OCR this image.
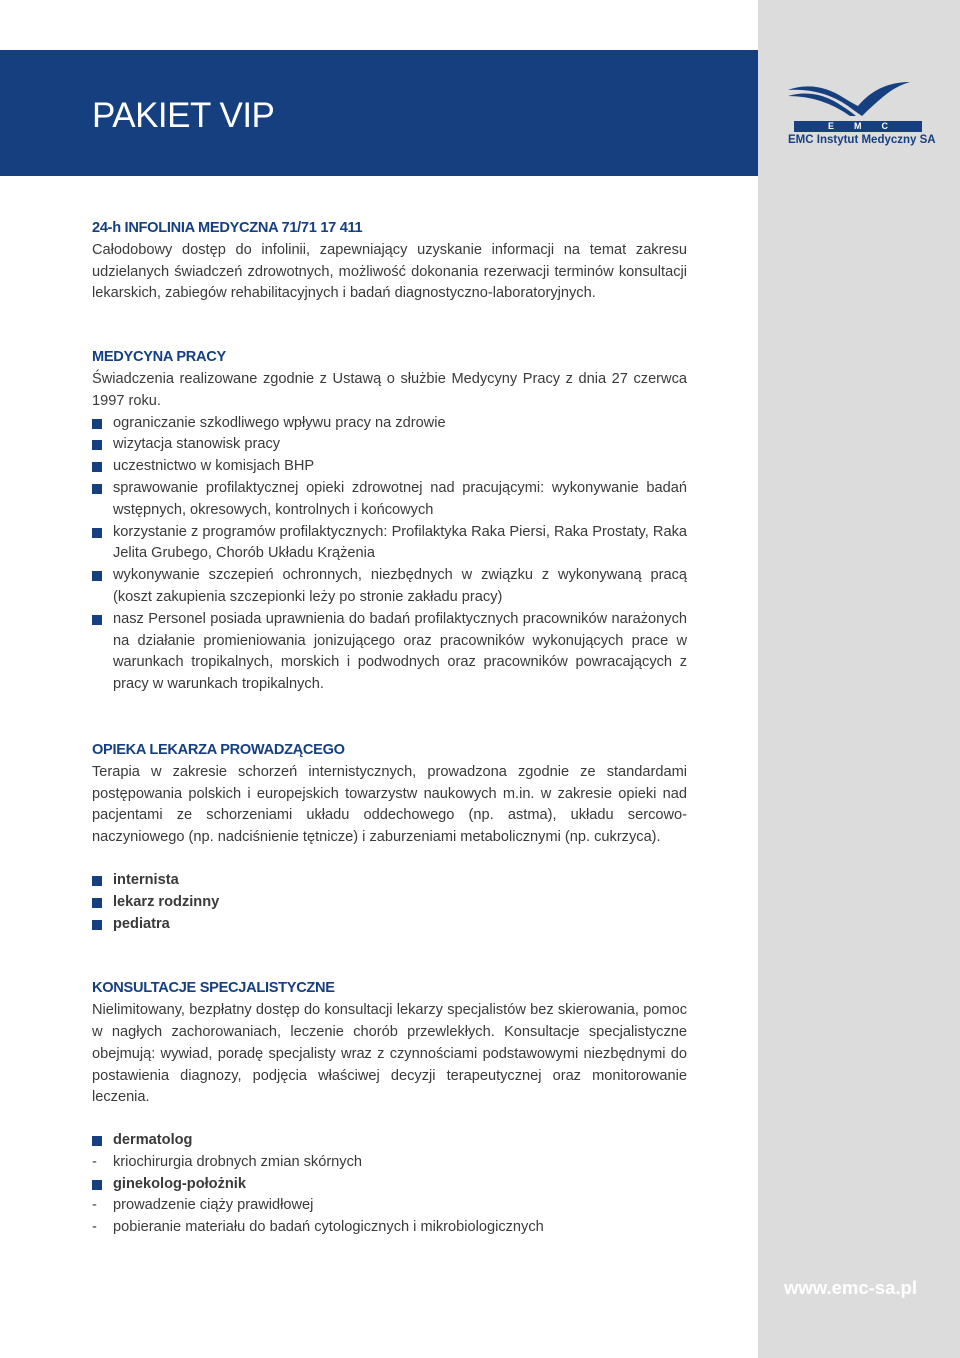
PAKIET VIP	EMC
EMC Instytut Medyczny SA
24-h INFOLINIA MEDYCZNA 71/71 17 411
Całodobowy dostęp do infolinii, zapewniający uzyskanie informacji na temat zakresu udzielanych świadczeń zdrowotnych, możliwość dokonania rezerwacji terminów konsultacji lekarskich, zabiegów rehabilitacyjnych i badań diagnostyczno-laboratoryjnych.
MEDYCYNA PRACY
Świadczenia realizowane zgodnie z Ustawą o służbie Medycyny Pracy z dnia 27 czerwca 1997 roku.
ograniczanie szkodliwego wpływu pracy na zdrowie
wizytacja stanowisk pracy
uczestnictwo w komisjach BHP
sprawowanie profilaktycznej opieki zdrowotnej nad pracującymi: wykonywanie badań wstępnych, okresowych, kontrolnych i końcowych
korzystanie z programów profilaktycznych: Profilaktyka Raka Piersi, Raka Prostaty, Raka Jelita Grubego, Chorób Układu Krążenia
wykonywanie szczepień ochronnych, niezbędnych w związku z wykonywaną pracą (koszt zakupienia szczepionki leży po stronie zakładu pracy)
nasz Personel posiada uprawnienia do badań profilaktycznych pracowników narażonych na działanie promieniowania jonizującego oraz pracowników wykonujących prace w warunkach tropikalnych, morskich i podwodnych oraz pracowników powracających z pracy w warunkach tropikalnych.
OPIEKA LEKARZA PROWADZĄCEGO
Terapia w zakresie schorzeń internistycznych, prowadzona zgodnie ze standardami postępowania polskich i europejskich towarzystw naukowych m.in. w zakresie opieki nad pacjentami ze schorzeniami układu oddechowego (np. astma), układu sercowo-naczyniowego (np. nadciśnienie tętnicze) i zaburzeniami metabolicznymi (np. cukrzyca).
internista
lekarz rodzinny
pediatra
KONSULTACJE SPECJALISTYCZNE
Nielimitowany, bezpłatny dostęp do konsultacji lekarzy specjalistów bez skierowania, pomoc w nagłych zachorowaniach, leczenie chorób przewlekłych. Konsultacje specjalistyczne obejmują: wywiad, poradę specjalisty wraz z czynnościami podstawowymi niezbędnymi do postawienia diagnozy, podjęcia właściwej decyzji terapeutycznej oraz monitorowanie leczenia.
dermatolog
- kriochirurgia drobnych zmian skórnych
ginekolog-położnik
- prowadzenie ciąży prawidłowej
- pobieranie materiału do badań cytologicznych i mikrobiologicznych
www.emc-sa.pl
